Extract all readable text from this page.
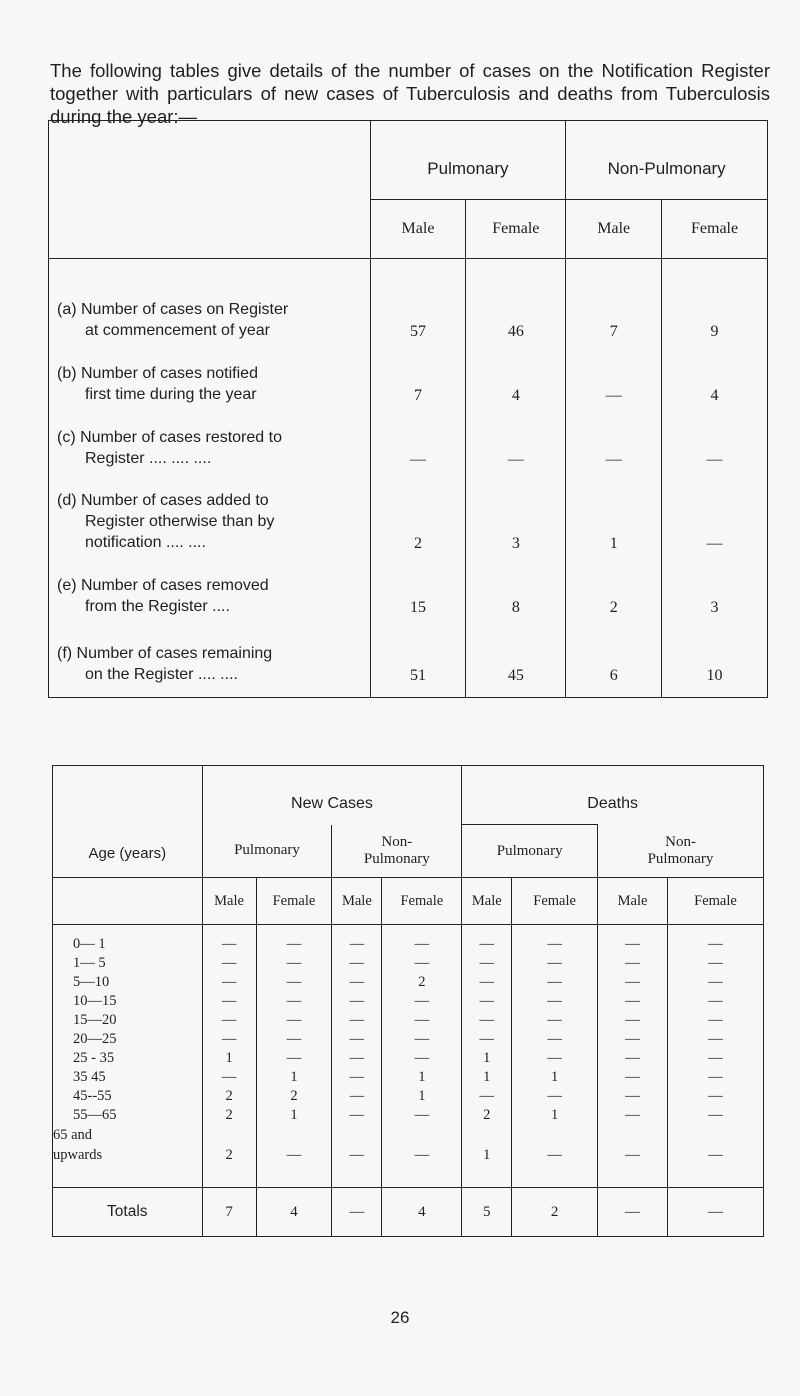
The following tables give details of the number of cases on the Notification Register together with particulars of new cases of Tuberculosis and deaths from Tuberculosis during the year:—

	Pulmonary		Non-Pulmonary	
	Male	Female	Male	Female
(a) Number of cases on Register
at commencement of year	57	46	7	9
(b) Number of cases notified
first time during the year	7	4	—	4
(c) Number of cases restored to
Register .... .... ....	—	—	—	—
(d) Number of cases added to
Register otherwise than by
notification .... ....	2	3	1	—
(e) Number of cases removed
from the Register ....	15	8	2	3
(f) Number of cases remaining
on the Register .... ....	51	45	6	10
Age (years)	New Cases				Deaths			
	Pulmonary		Non-Pulmonary		Pulmonary		Non-Pulmonary	
	Male	Female	Male	Female	Male	Female	Male	Female
0— 1	—	—	—	—	—	—	—	—
1— 5	—	—	—	—	—	—	—	—
5—10	—	—	—	2	—	—	—	—
10—15	—	—	—	—	—	—	—	—
15—20	—	—	—	—	—	—	—	—
20—25	—	—	—	—	—	—	—	—
25 - 35	1	—	—	—	1	—	—	—
35 45	—	1	—	1	1	1	—	—
45--55	2	2	—	1	—	—	—	—
55—65	2	1	—	—	2	1	—	—

65 and
upwards	2	—	—	—	1	—	—	—
Totals	7	4	—	4	5	2	—	—
26
